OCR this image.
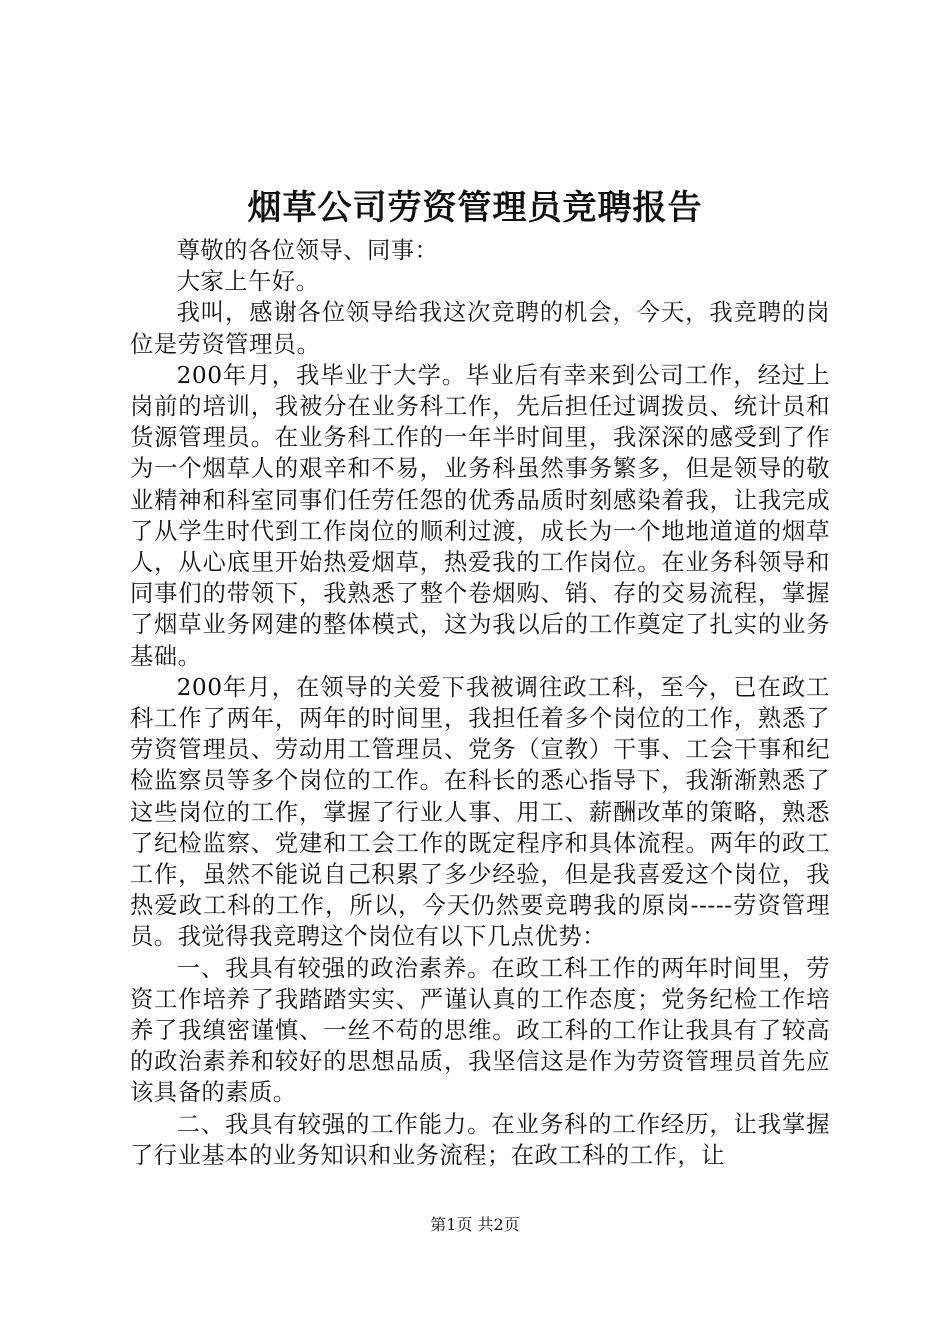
烟草公司劳资管理员竞聘报告

尊敬的各位领导、同事：

大家上午好。

我叫，感谢各位领导给我这次竞聘的机会，今天，我竞聘的岗位是劳资管理员。

200年月，我毕业于大学。毕业后有幸来到公司工作，经过上岗前的培训，我被分在业务科工作，先后担任过调拨员、统计员和货源管理员。在业务科工作的一年半时间里，我深深的感受到了作为一个烟草人的艰辛和不易，业务科虽然事务繁多，但是领导的敬业精神和科室同事们任劳任怨的优秀品质时刻感染着我，让我完成了从学生时代到工作岗位的顺利过渡，成长为一个地地道道的烟草人，从心底里开始热爱烟草，热爱我的工作岗位。在业务科领导和同事们的带领下，我熟悉了整个卷烟购、销、存的交易流程，掌握了烟草业务网建的整体模式，这为我以后的工作奠定了扎实的业务基础。

200年月，在领导的关爱下我被调往政工科，至今，已在政工科工作了两年，两年的时间里，我担任着多个岗位的工作，熟悉了劳资管理员、劳动用工管理员、党务（宣教）干事、工会干事和纪检监察员等多个岗位的工作。在科长的悉心指导下，我渐渐熟悉了这些岗位的工作，掌握了行业人事、用工、薪酬改革的策略，熟悉了纪检监察、党建和工会工作的既定程序和具体流程。两年的政工工作，虽然不能说自己积累了多少经验，但是我喜爱这个岗位，我热爱政工科的工作，所以，今天仍然要竞聘我的原岗-----劳资管理员。我觉得我竞聘这个岗位有以下几点优势：

一、我具有较强的政治素养。在政工科工作的两年时间里，劳资工作培养了我踏踏实实、严谨认真的工作态度；党务纪检工作培养了我缜密谨慎、一丝不苟的思维。政工科的工作让我具有了较高的政治素养和较好的思想品质，我坚信这是作为劳资管理员首先应该具备的素质。

二、我具有较强的工作能力。在业务科的工作经历，让我掌握了行业基本的业务知识和业务流程；在政工科的工作，让

第1页 共2页
